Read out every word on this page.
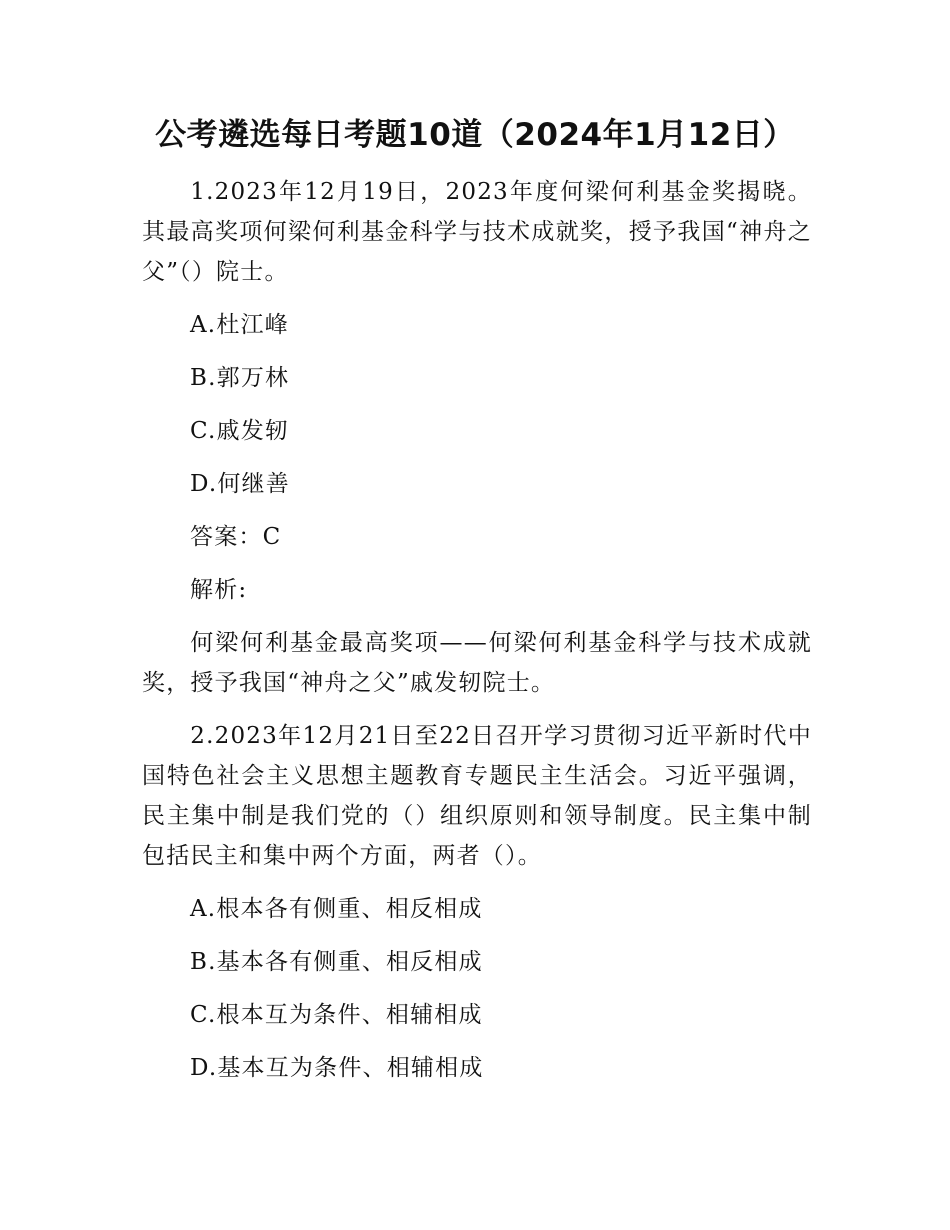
公考遴选每日考题10道（2024年1月12日）

1.2023年12月19日，2023年度何梁何利基金奖揭晓。其最高奖项何梁何利基金科学与技术成就奖，授予我国“神舟之父”（）院士。

A.杜江峰

B.郭万林

C.戚发轫

D.何继善

答案：C

解析:

何梁何利基金最高奖项——何梁何利基金科学与技术成就奖，授予我国“神舟之父”戚发轫院士。

2.2023年12月21日至22日召开学习贯彻习近平新时代中国特色社会主义思想主题教育专题民主生活会。习近平强调，民主集中制是我们党的（）组织原则和领导制度。民主集中制包括民主和集中两个方面，两者（）。

A.根本各有侧重、相反相成

B.基本各有侧重、相反相成

C.根本互为条件、相辅相成

D.基本互为条件、相辅相成
